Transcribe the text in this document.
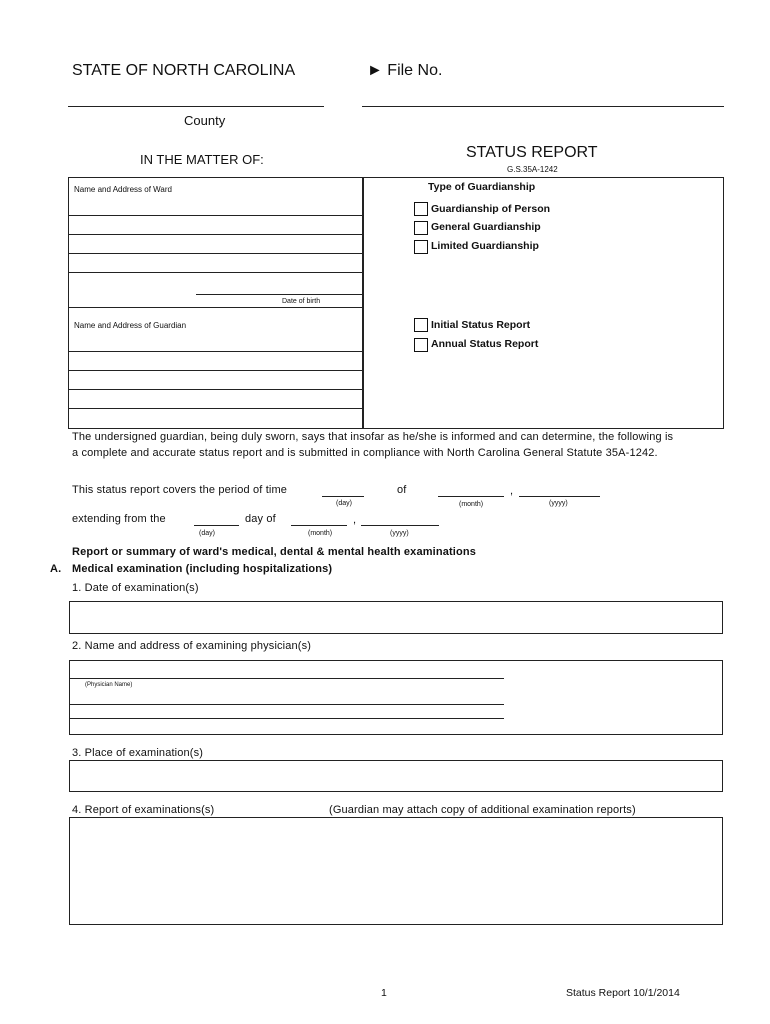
STATE OF NORTH CAROLINA	► File No.
County
IN THE MATTER OF:	STATUS REPORT
G.S.35A-1242
Name and Address of Ward
Date of birth
Type of Guardianship
Guardianship of Person
General Guardianship
Limited Guardianship
Name and Address of Guardian	Initial Status Report
Annual Status Report
The undersigned guardian, being duly sworn, says that insofar as he/she is informed and can determine, the following is
a complete and accurate status report and is submitted in compliance with North Carolina General Statute 35A-1242.
This status report covers the period of time
(day)
of
(month)
,
(yyyy)
extending from the
(day)
day of
(month)
,
(yyyy)
Report or summary of ward's medical, dental & mental health examinations
A. Medical examination (including hospitalizations)
1. Date of examination(s)
2. Name and address of examining physician(s)
(Physician Name)
3. Place of examination(s)
4. Report of examinations(s)	(Guardian may attach copy of additional examination reports)
1	Status Report 10/1/2014
